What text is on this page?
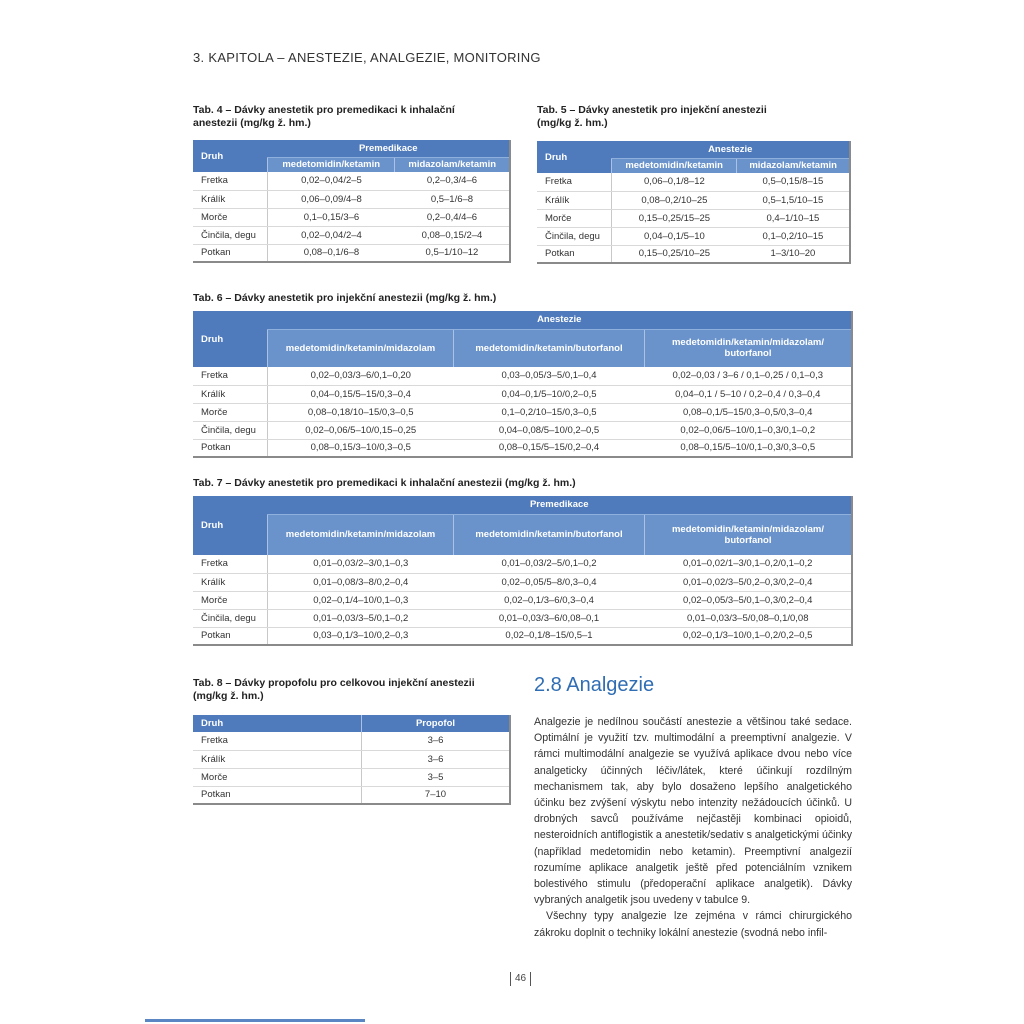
3. KAPITOLA – ANESTEZIE, ANALGEZIE, MONITORING
Tab. 4 – Dávky anestetik pro premedikaci k inhalační
anestezii (mg/kg ž. hm.)
Druh	Premedikace	
	medetomidin/ketamin	midazolam/ketamin
Fretka	0,02–0,04/2–5	0,2–0,3/4–6
Králík	0,06–0,09/4–8	0,5–1/6–8
Morče	0,1–0,15/3–6	0,2–0,4/4–6
Činčila, degu	0,02–0,04/2–4	0,08–0,15/2–4
Potkan	0,08–0,1/6–8	0,5–1/10–12
Tab. 5 – Dávky anestetik pro injekční anestezii
(mg/kg ž. hm.)
Druh	Anestezie	
	medetomidin/ketamin	midazolam/ketamin
Fretka	0,06–0,1/8–12	0,5–0,15/8–15
Králík	0,08–0,2/10–25	0,5–1,5/10–15
Morče	0,15–0,25/15–25	0,4–1/10–15
Činčila, degu	0,04–0,1/5–10	0,1–0,2/10–15
Potkan	0,15–0,25/10–25	1–3/10–20
Tab. 6 – Dávky anestetik pro injekční anestezii (mg/kg ž. hm.)
Druh	Anestezie		
	medetomidin/ketamin/midazolam	medetomidin/ketamin/butorfanol	medetomidin/ketamin/midazolam/
butorfanol
Fretka	0,02–0,03/3–6/0,1–0,20	0,03–0,05/3–5/0,1–0,4	0,02–0,03 / 3–6 / 0,1–0,25 / 0,1–0,3
Králík	0,04–0,15/5–15/0,3–0,4	0,04–0,1/5–10/0,2–0,5	0,04–0,1 / 5–10 / 0,2–0,4 / 0,3–0,4
Morče	0,08–0,18/10–15/0,3–0,5	0,1–0,2/10–15/0,3–0,5	0,08–0,1/5–15/0,3–0,5/0,3–0,4
Činčila, degu	0,02–0,06/5–10/0,15–0,25	0,04–0,08/5–10/0,2–0,5	0,02–0,06/5–10/0,1–0,3/0,1–0,2
Potkan	0,08–0,15/3–10/0,3–0,5	0,08–0,15/5–15/0,2–0,4	0,08–0,15/5–10/0,1–0,3/0,3–0,5
Tab. 7 – Dávky anestetik pro premedikaci k inhalační anestezii (mg/kg ž. hm.)
Druh	Premedikace		
	medetomidin/ketamin/midazolam	medetomidin/ketamin/butorfanol	medetomidin/ketamin/midazolam/
butorfanol
Fretka	0,01–0,03/2–3/0,1–0,3	0,01–0,03/2–5/0,1–0,2	0,01–0,02/1–3/0,1–0,2/0,1–0,2
Králík	0,01–0,08/3–8/0,2–0,4	0,02–0,05/5–8/0,3–0,4	0,01–0,02/3–5/0,2–0,3/0,2–0,4
Morče	0,02–0,1/4–10/0,1–0,3	0,02–0,1/3–6/0,3–0,4	0,02–0,05/3–5/0,1–0,3/0,2–0,4
Činčila, degu	0,01–0,03/3–5/0,1–0,2	0,01–0,03/3–6/0,08–0,1	0,01–0,03/3–5/0,08–0,1/0,08
Potkan	0,03–0,1/3–10/0,2–0,3	0,02–0,1/8–15/0,5–1	0,02–0,1/3–10/0,1–0,2/0,2–0,5
Tab. 8 – Dávky propofolu pro celkovou injekční anestezii
(mg/kg ž. hm.)
Druh	Propofol
Fretka	3–6
Králík	3–6
Morče	3–5
Potkan	7–10
2.8 Analgezie

Analgezie je nedílnou součástí anestezie a většinou také sedace. Optimální je využití tzv. multimodální a preemptivní analgezie. V rámci multimodální analgezie se využívá aplikace dvou nebo více analgeticky účinných léčiv/látek, které účinkují rozdílným mechanismem tak, aby bylo dosaženo lepšího analgetického účinku bez zvýšení výskytu nebo intenzity nežádoucích účinků. U drobných savců používáme nejčastěji kombinaci opioidů, nesteroidních antiflogistik a anestetik/sedativ s analgetickými účinky (například medetomidin nebo ketamin). Preemptivní analgezií rozumíme aplikace analgetik ještě před potenciálním vznikem bolestivého stimulu (předoperační aplikace analgetik). Dávky vybraných analgetik jsou uvedeny v tabulce 9.

Všechny typy analgezie lze zejména v rámci chirurgického zákroku doplnit o techniky lokální anestezie (svodná nebo infil-

46
